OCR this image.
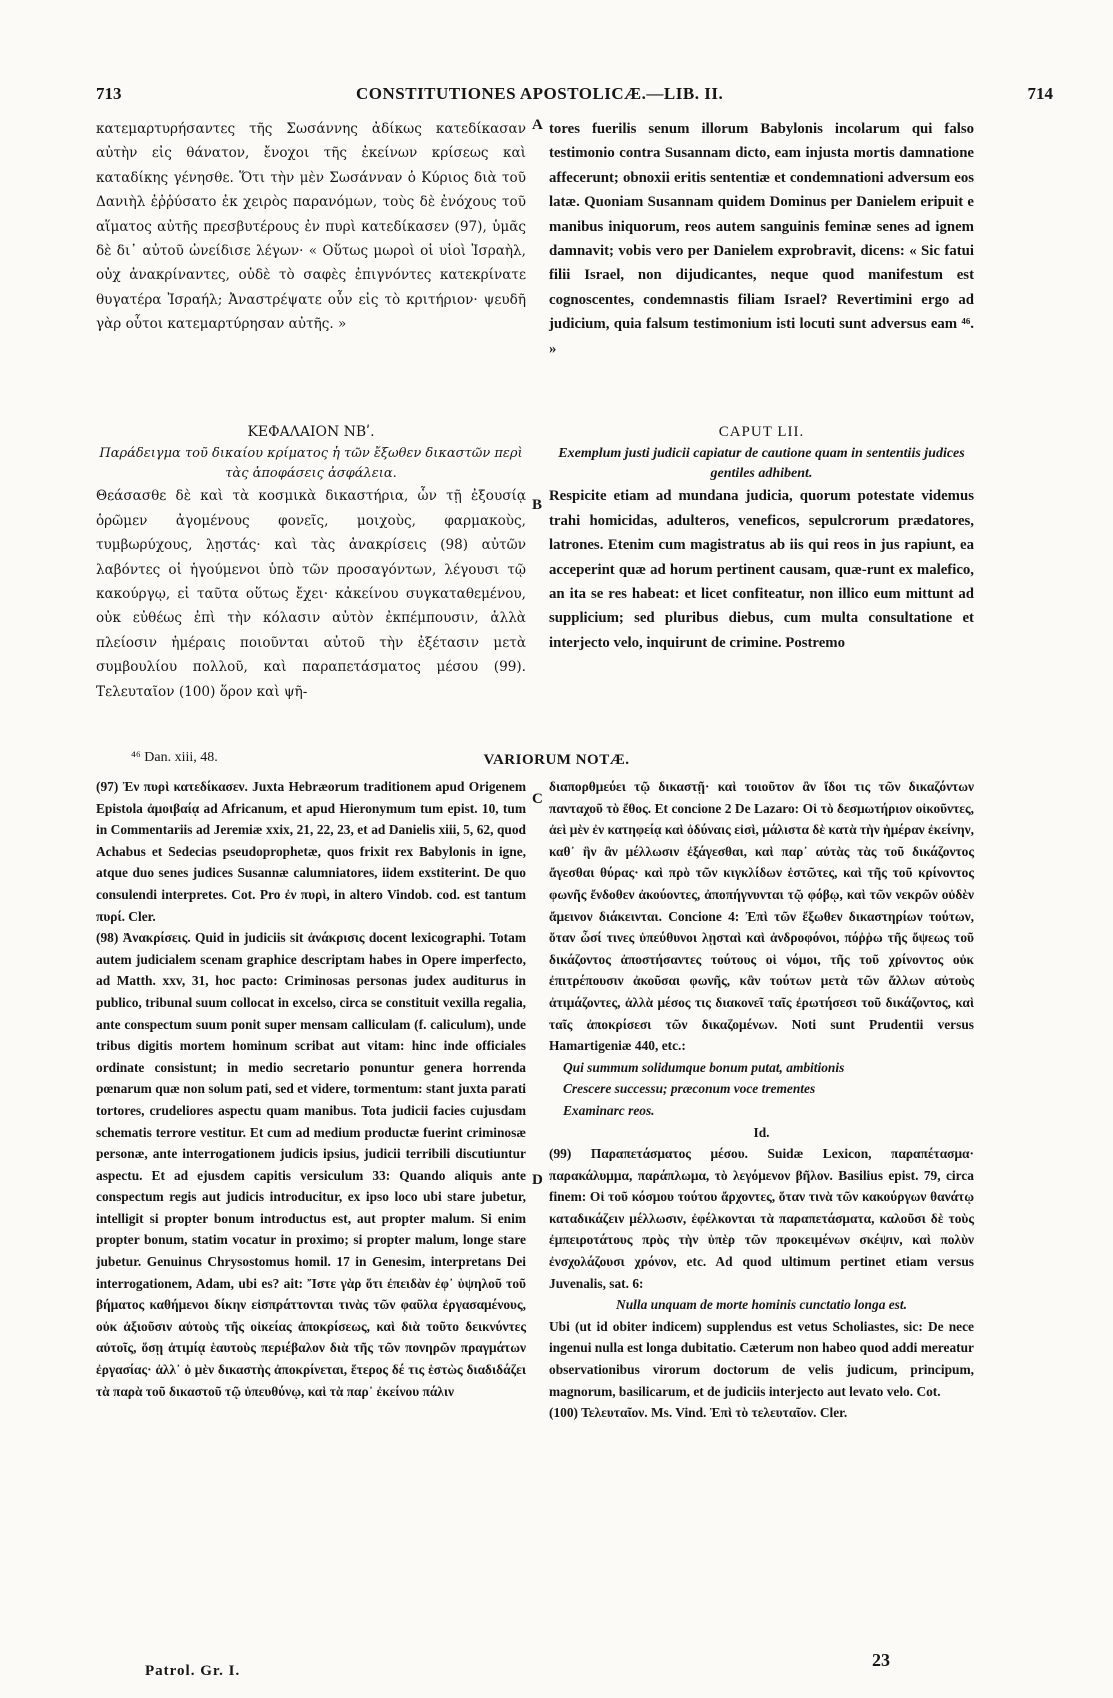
713	CONSTITUTIONES APOSTOLICÆ.—LIB. II.	714
A
B
C
D

κατεμαρτυρήσαντες τῆς Σωσάννης ἀδίκως κατεδίκασαν αὐτὴν εἰς θάνατον, ἔνοχοι τῆς ἐκείνων κρίσεως καὶ καταδίκης γένησθε. Ὅτι τὴν μὲν Σωσάνναν ὁ Κύριος διὰ τοῦ Δανιὴλ ἐῤῥύσατο ἐκ χειρὸς παρανόμων, τοὺς δὲ ἐνόχους τοῦ αἵματος αὐτῆς πρεσβυτέρους ἐν πυρὶ κατεδίκασεν (97), ὑμᾶς δὲ δι᾽ αὐτοῦ ὠνείδισε λέγων· « Οὕτως μωροὶ οἱ υἱοὶ Ἰσραὴλ, οὐχ ἀνακρίναντες, οὐδὲ τὸ σαφὲς ἐπιγνόντες κατεκρίνατε θυγατέρα Ἰσραήλ; Ἀναστρέψατε οὖν εἰς τὸ κριτήριον· ψευδῆ γὰρ οὗτοι κατεμαρτύρησαν αὐτῆς. »

tores fuerilis senum illorum Babylonis incolarum qui falso testimonio contra Susannam dicto, eam injusta mortis damnatione affecerunt; obnoxii eritis sententiæ et condemnationi adversum eos latæ. Quoniam Susannam quidem Dominus per Danielem eripuit e manibus iniquorum, reos autem sanguinis feminæ senes ad ignem damnavit; vobis vero per Danielem exprobravit, dicens: « Sic fatui filii Israel, non dijudicantes, neque quod manifestum est cognoscentes, condemnastis filiam Israel? Revertimini ergo ad judicium, quia falsum testimonium isti locuti sunt adversus eam ⁴⁶. »

ΚΕΦΑΛΑΙΟΝ ΝΒʹ.

Παράδειγμα τοῦ δικαίου κρίματος ἡ τῶν ἔξωθεν δικαστῶν περὶ τὰς ἀποφάσεις ἀσφάλεια.

Θεάσασθε δὲ καὶ τὰ κοσμικὰ δικαστήρια, ὧν τῇ ἐξουσίᾳ ὁρῶμεν ἀγομένους φονεῖς, μοιχοὺς, φαρμακοὺς, τυμβωρύχους, λῃστάς· καὶ τὰς ἀνακρίσεις (98) αὐτῶν λαβόντες οἱ ἡγούμενοι ὑπὸ τῶν προσαγόντων, λέγουσι τῷ κακούργῳ, εἰ ταῦτα οὕτως ἔχει· κἀκείνου συγκαταθεμένου, οὐκ εὐθέως ἐπὶ τὴν κόλασιν αὐτὸν ἐκπέμπουσιν, ἀλλὰ πλείοσιν ἡμέραις ποιοῦνται αὐτοῦ τὴν ἐξέτασιν μετὰ συμβουλίου πολλοῦ, καὶ παραπετάσματος μέσου (99). Τελευταῖον (100) ὅρον καὶ ψῆ-

CAPUT LII.

Exemplum justi judicii capiatur de cautione quam in sententiis judices gentiles adhibent.

Respicite etiam ad mundana judicia, quorum potestate videmus trahi homicidas, adulteros, veneficos, sepulcrorum prædatores, latrones. Etenim cum magistratus ab iis qui reos in jus rapiunt, ea acceperint quæ ad horum pertinent causam, quæ-runt ex malefico, an ita se res habeat: et licet confiteatur, non illico eum mittunt ad supplicium; sed pluribus diebus, cum multa consultatione et interjecto velo, inquirunt de crimine. Postremo

⁴⁶ Dan. xiii, 48.	VARIORUM NOTÆ.

(97) Ἐν πυρὶ κατεδίκασεν. Juxta Hebræorum traditionem apud Origenem Epistola ἀμοιβαίᾳ ad Africanum, et apud Hieronymum tum epist. 10, tum in Commentariis ad Jeremiæ xxix, 21, 22, 23, et ad Danielis xiii, 5, 62, quod Achabus et Sedecias pseudoprophetæ, quos frixit rex Babylonis in igne, atque duo senes judices Susannæ calumniatores, iidem exstiterint. De quo consulendi interpretes. Cot. Pro ἐν πυρὶ, in altero Vindob. cod. est tantum πυρί. Cler.

(98) Ἀνακρίσεις. Quid in judiciis sit ἀνάκρισις docent lexicographi. Totam autem judicialem scenam graphice descriptam habes in Opere imperfecto, ad Matth. xxv, 31, hoc pacto: Criminosas personas judex auditurus in publico, tribunal suum collocat in excelso, circa se constituit vexilla regalia, ante conspectum suum ponit super mensam calliculam (f. caliculum), unde tribus digitis mortem hominum scribat aut vitam: hinc inde officiales ordinate consistunt; in medio secretario ponuntur genera horrenda pœnarum quæ non solum pati, sed et videre, tormentum: stant juxta parati tortores, crudeliores aspectu quam manibus. Tota judicii facies cujusdam schematis terrore vestitur. Et cum ad medium productæ fuerint criminosæ personæ, ante interrogationem judicis ipsius, judicii terribili discutiuntur aspectu. Et ad ejusdem capitis versiculum 33: Quando aliquis ante conspectum regis aut judicis introducitur, ex ipso loco ubi stare jubetur, intelligit si propter bonum introductus est, aut propter malum. Si enim propter bonum, statim vocatur in proximo; si propter malum, longe stare jubetur. Genuinus Chrysostomus homil. 17 in Genesim, interpretans Dei interrogationem, Adam, ubi es? ait: Ἴστε γὰρ ὅτι ἐπειδὰν ἐφ᾽ ὑψηλοῦ τοῦ βήματος καθήμενοι δίκην εἰσπράττονται τινὰς τῶν φαῦλα ἐργασαμένους, οὐκ ἀξιοῦσιν αὐτοὺς τῆς οἰκείας ἀποκρίσεως, καὶ διὰ τοῦτο δεικνύντες αὐτοῖς, ὅσῃ ἀτιμίᾳ ἑαυτοὺς περιέβαλον διὰ τῆς τῶν πονηρῶν πραγμάτων ἐργασίας· ἀλλ᾽ ὁ μὲν δικαστὴς ἀποκρίνεται, ἕτερος δέ τις ἑστὼς διαδιδάζει τὰ παρὰ τοῦ δικαστοῦ τῷ ὑπευθύνῳ, καὶ τὰ παρ᾽ ἐκείνου πάλιν

διαπορθμεύει τῷ δικαστῇ· καὶ τοιοῦτον ἂν ἴδοι τις τῶν δικαζόντων πανταχοῦ τὸ ἔθος. Et concione 2 De Lazaro: Οἱ τὸ δεσμωτήριον οἰκοῦντες, ἀεὶ μὲν ἐν κατηφείᾳ καὶ ὀδύναις εἰσὶ, μάλιστα δὲ κατὰ τὴν ἡμέραν ἐκείνην, καθ᾽ ἣν ἂν μέλλωσιν ἐξάγεσθαι, καὶ παρ᾽ αὐτὰς τὰς τοῦ δικάζοντος ἄγεσθαι θύρας· καὶ πρὸ τῶν κιγκλίδων ἑστῶτες, καὶ τῆς τοῦ κρίνοντος φωνῆς ἔνδοθεν ἀκούοντες, ἀποπήγνυνται τῷ φόβῳ, καὶ τῶν νεκρῶν οὐδὲν ἄμεινον διάκεινται. Concione 4: Ἐπὶ τῶν ἔξωθεν δικαστηρίων τούτων, ὅταν ὦσί τινες ὑπεύθυνοι λῃσταὶ καὶ ἀνδροφόνοι, πόῤῥω τῆς ὄψεως τοῦ δικάζοντος ἀποστήσαντες τούτους οἱ νόμοι, τῆς τοῦ χρίνοντος οὐκ ἐπιτρέπουσιν ἀκοῦσαι φωνῆς, κἂν τούτων μετὰ τῶν ἄλλων αὐτοὺς ἀτιμάζοντες, ἀλλὰ μέσος τις διακονεῖ ταῖς ἐρωτήσεσι τοῦ δικάζοντος, καὶ ταῖς ἀποκρίσεσι τῶν δικαζομένων. Noti sunt Prudentii versus Hamartigeniæ 440, etc.:

Qui summum solidumque bonum putat, ambitionis
Crescere successu; præconum voce trementes
Examinarc reos.

Id.

(99) Παραπετάσματος μέσου. Suidæ Lexicon, παραπέτασμα· παρακάλυμμα, παράπλωμα, τὸ λεγόμενον βῆλον. Basilius epist. 79, circa finem: Οἱ τοῦ κόσμου τούτου ἄρχοντες, ὅταν τινὰ τῶν κακούργων θανάτῳ καταδικάζειν μέλλωσιν, ἐφέλκονται τὰ παραπετάσματα, καλοῦσι δὲ τοὺς ἐμπειροτάτους πρὸς τὴν ὑπὲρ τῶν προκειμένων σκέψιν, καὶ πολὺν ἐνσχολάζουσι χρόνον, etc. Ad quod ultimum pertinet etiam versus Juvenalis, sat. 6:

Nulla unquam de morte hominis cunctatio longa est.

Ubi (ut id obiter indicem) supplendus est vetus Scholiastes, sic: De nece ingenui nulla est longa dubitatio. Cæterum non habeo quod addi mereatur observationibus virorum doctorum de velis judicum, principum, magnorum, basilicarum, et de judiciis interjecto aut levato velo. Cot.

(100) Τελευταῖον. Ms. Vind. Ἐπὶ τὸ τελευταῖον. Cler.

Patrol. Gr. I.
23
